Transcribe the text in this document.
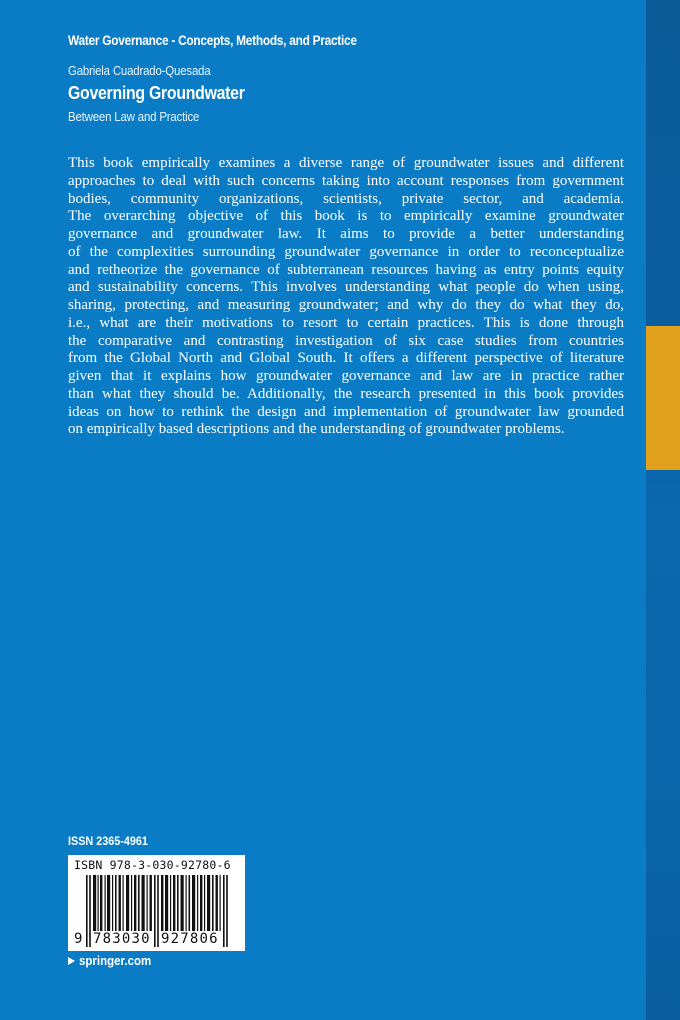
Water Governance - Concepts, Methods, and Practice
Gabriela Cuadrado-Quesada
Governing Groundwater
Between Law and Practice
This book empirically examines a diverse range of groundwater issues and different
approaches to deal with such concerns taking into account responses from government
bodies, community organizations, scientists, private sector, and academia.
The overarching objective of this book is to empirically examine groundwater
governance and groundwater law. It aims to provide a better understanding
of the complexities surrounding groundwater governance in order to reconceptualize
and retheorize the governance of subterranean resources having as entry points equity
and sustainability concerns. This involves understanding what people do when using,
sharing, protecting, and measuring groundwater; and why do they do what they do,
i.e., what are their motivations to resort to certain practices. This is done through
the comparative and contrasting investigation of six case studies from countries
from the Global North and Global South. It offers a different perspective of literature
given that it explains how groundwater governance and law are in practice rather
than what they should be. Additionally, the research presented in this book provides
ideas on how to rethink the design and implementation of groundwater law grounded
on empirically based descriptions and the understanding of groundwater problems.
ISSN 2365-4961
ISBN 978-3-030-92780-6
9 783030 927806
springer.com
